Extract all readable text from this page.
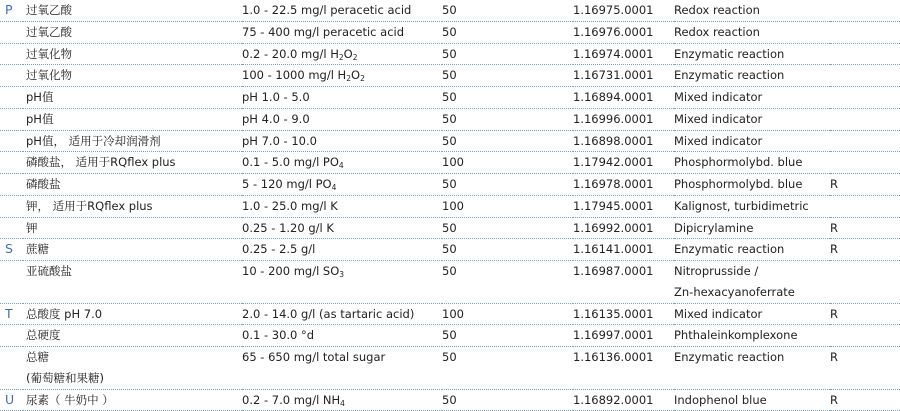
P	过氧乙酸	1.0 - 22.5 mg/l peracetic acid	50	1.16975.0001	Redox reaction	
	过氧乙酸	75 - 400 mg/l peracetic acid	50	1.16976.0001	Redox reaction	
	过氧化物	0.2 - 20.0 mg/l $H_2O_2$	50	1.16974.0001	Enzymatic reaction	
	过氧化物	100 - 1000 mg/l $H_2O_2$	50	1.16731.0001	Enzymatic reaction	
	pH值	pH 1.0 - 5.0	50	1.16894.0001	Mixed indicator	
	pH值	pH 4.0 - 9.0	50	1.16996.0001	Mixed indicator	
	pH值， 适用于冷却润滑剂	pH 7.0 - 10.0	50	1.16898.0001	Mixed indicator	
	磷酸盐， 适用于RQflex plus	0.1 - 5.0 mg/l $PO_4$	100	1.17942.0001	Phosphormolybd. blue	
	磷酸盐	5 - 120 mg/l $PO_4$	50	1.16978.0001	Phosphormolybd. blue	R
	钾， 适用于RQflex plus	1.0 - 25.0 mg/l K	100	1.17945.0001	Kalignost, turbidimetric	
	钾	0.25 - 1.20 g/l K	50	1.16992.0001	Dipicrylamine	R
S	蔗糖	0.25 - 2.5 g/l	50	1.16141.0001	Enzymatic reaction	R
	亚硫酸盐	10 - 200 mg/l $SO_3$	50	1.16987.0001	Nitroprusside /	
					Zn-hexacyanoferrate	
T	总酸度 pH 7.0	2.0 - 14.0 g/l (as tartaric acid)	100	1.16135.0001	Mixed indicator	R
	总硬度	0.1 - 30.0 °d	50	1.16997.0001	Phthaleinkomplexone	
	总糖	65 - 650 mg/l total sugar	50	1.16136.0001	Enzymatic reaction	R
	(葡萄糖和果糖)					
U	尿素（ 牛奶中 ）	0.2 - 7.0 mg/l $NH_4$	50	1.16892.0001	Indophenol blue	R
